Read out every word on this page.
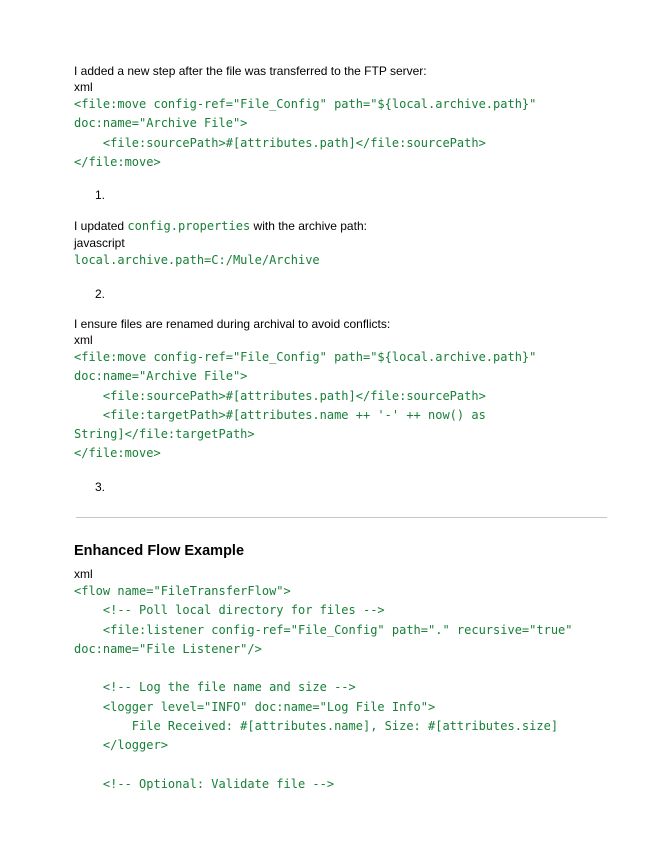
I added a new step after the file was transferred to the FTP server:
xml
<file:move config-ref="File_Config" path="${local.archive.path}"
doc:name="Archive File">
<file:sourcePath>#[attributes.path]</file:sourcePath>
</file:move>
1.
I updated config.properties with the archive path:
javascript
local.archive.path=C:/Mule/Archive
2.
I ensure files are renamed during archival to avoid conflicts:
xml
<file:move config-ref="File_Config" path="${local.archive.path}"
doc:name="Archive File">
<file:sourcePath>#[attributes.path]</file:sourcePath>
<file:targetPath>#[attributes.name ++ '-' ++ now() as
String]</file:targetPath>
</file:move>
3.
Enhanced Flow Example
xml
<flow name="FileTransferFlow">
<!-- Poll local directory for files -->
<file:listener config-ref="File_Config" path="." recursive="true"
doc:name="File Listener"/>

<!-- Log the file name and size -->
<logger level="INFO" doc:name="Log File Info">
File Received: #[attributes.name], Size: #[attributes.size]
</logger>

<!-- Optional: Validate file -->
